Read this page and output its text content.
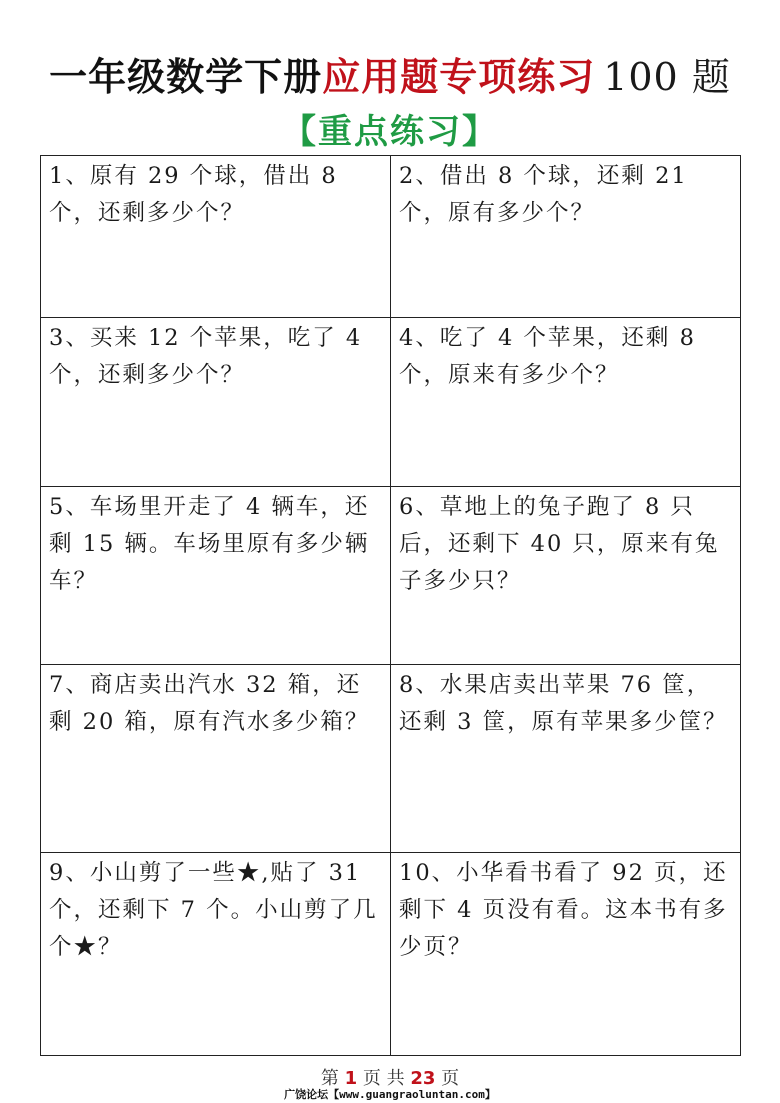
一年级数学下册应用题专项练习 100 题
【重点练习】
1、原有 29 个球，借出 8 个，还剩多少个？	2、借出 8 个球，还剩 21 个，原有多少个？
3、买来 12 个苹果，吃了 4 个，还剩多少个？	4、吃了 4 个苹果，还剩 8 个，原来有多少个？
5、车场里开走了 4 辆车，还剩 15 辆。车场里原有多少辆车？	6、草地上的兔子跑了 8 只后，还剩下 40 只，原来有兔子多少只？
7、商店卖出汽水 32 箱，还剩 20 箱，原有汽水多少箱？	8、水果店卖出苹果 76 筐，还剩 3 筐，原有苹果多少筐？
9、小山剪了一些★,贴了 31 个，还剩下 7 个。小山剪了几个★？	10、小华看书看了 92 页，还剩下 4 页没有看。这本书有多少页？
第 1 页 共 23 页
广饶论坛【www.guangraoluntan.com】
